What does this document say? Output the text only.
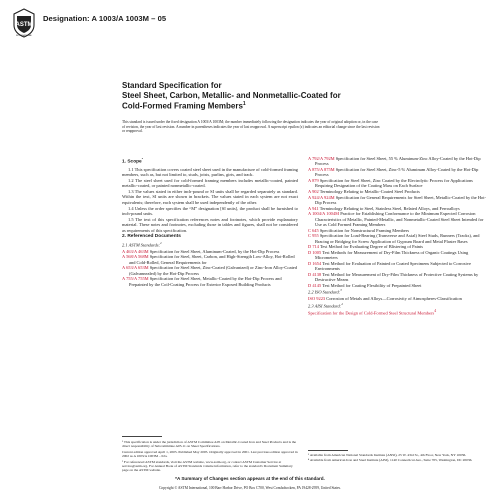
ASTM
INTERNATIONAL
Designation: A 1003/A 1003M – 05
Standard Specification for
Steel Sheet, Carbon, Metallic- and Nonmetallic-Coated for
Cold-Formed Framing Members$^1$
This standard is issued under the fixed designation A 1003/A 1003M; the number immediately following the designation indicates the year of original adoption or, in the case of revision, the year of last revision. A number in parentheses indicates the year of last reapproval. A superscript epsilon (ε) indicates an editorial change since the last revision or reapproval.
1. Scope*

1.1 This specification covers coated steel sheet used in the manufacture of cold-formed framing members, such as, but not limited to, studs, joists, purlins, girts, and track.

1.2 The steel sheet used for cold-formed framing members includes metallic-coated, painted metallic-coated, or painted nonmetallic-coated.

1.3 The values stated in either inch-pound or SI units shall be regarded separately as standard. Within the text, SI units are shown in brackets. The values stated in each system are not exact equivalents; therefore, each system shall be used independently of the other.

1.4 Unless the order specifies the “M” designation [SI units], the product shall be furnished to inch-pound units.

1.5 The text of this specification references notes and footnotes, which provide explanatory material. These notes and footnotes, excluding those in tables and figures, shall not be considered as requirements of this specification.

2. Referenced Documents
2.1 ASTM Standards:$^2$

A 463/A 463M Specification for Steel Sheet, Aluminum-Coated, by the Hot-Dip Process

A 568/A 568M Specification for Steel, Sheet, Carbon, and High-Strength Low-Alloy, Hot-Rolled and Cold-Rolled, General Requirements for

A 653/A 653M Specification for Steel Sheet, Zinc-Coated (Galvanized) or Zinc-Iron Alloy-Coated (Galvannealed) by the Hot-Dip Process

A 755/A 755M Specification for Steel Sheet, Metallic-Coated by the Hot-Dip Process and Prepainted by the Coil-Coating Process for Exterior Exposed Building Products

A 792/A 792M Specification for Steel Sheet, 55 % Aluminum-Zinc Alloy-Coated by the Hot-Dip Process

A 875/A 875M Specification for Steel Sheet, Zinc-5 % Aluminum Alloy-Coated by the Hot-Dip Process

A 879 Specification for Steel Sheet, Zinc Coated by the Electrolytic Process for Applications Requiring Designation of the Coating Mass on Each Surface

A 902 Terminology Relating to Metallic-Coated Steel Products

A 924/A 924M Specification for General Requirements for Steel Sheet, Metallic-Coated by the Hot-Dip Process

A 941 Terminology Relating to Steel, Stainless Steel, Related Alloys, and Ferroalloys

A 1004/A 1004M Practice for Establishing Conformance to the Minimum Expected Corrosion Characteristics of Metallic, Painted-Metallic, and Nonmetallic-Coated Steel Sheet Intended for Use as Cold Formed Framing Members

C 645 Specification for Nonstructural Framing Members

C 955 Specification for Load-Bearing (Transverse and Axial) Steel Studs, Runners (Tracks), and Bracing or Bridging for Screw Application of Gypsum Board and Metal Plaster Bases

D 714 Test Method for Evaluating Degree of Blistering of Paints

D 1005 Test Methods for Measurement of Dry-Film Thickness of Organic Coatings Using Micrometers

D 1654 Test Method for Evaluation of Painted or Coated Specimens Subjected to Corrosive Environments

D 4138 Test Method for Measurement of Dry-Film Thickness of Protective Coating Systems by Destructive Means

D 4145 Test Method for Coating Flexibility of Prepainted Sheet

2.2 ISO Standard:$^3$

ISO 9223 Corrosion of Metals and Alloys—Corrosivity of Atmospheres-Classification

2.3 AISI Standard:$^4$

Specification for the Design of Cold-Formed Steel Structural Members$^4$

¹ This specification is under the jurisdiction of ASTM Committee A05 on Metallic-Coated Iron and Steel Products and is the direct responsibility of Subcommittee A05.11 on Sheet Specifications.

Current edition approved April 1, 2005. Published May 2005. Originally approved in 2001. Last previous edition approved in 2002 as A 1003/A 1003M – 02a.

² For referenced ASTM standards, visit the ASTM website, www.astm.org, or contact ASTM Customer Service at service@astm.org. For Annual Book of ASTM Standards volume information, refer to the standard's Document Summary page on the ASTM website.

³ Available from American National Standards Institute (ANSI), 25 W. 43rd St., 4th Floor, New York, NY 10036.

⁴ Available from American Iron and Steel Institute (AISI), 1140 Connecticut Ave., Suite 705, Washington, DC 20036.

*A Summary of Changes section appears at the end of this standard.
Copyright © ASTM International, 100 Barr Harbor Drive, PO Box C700, West Conshohocken, PA 19428-2959, United States.
